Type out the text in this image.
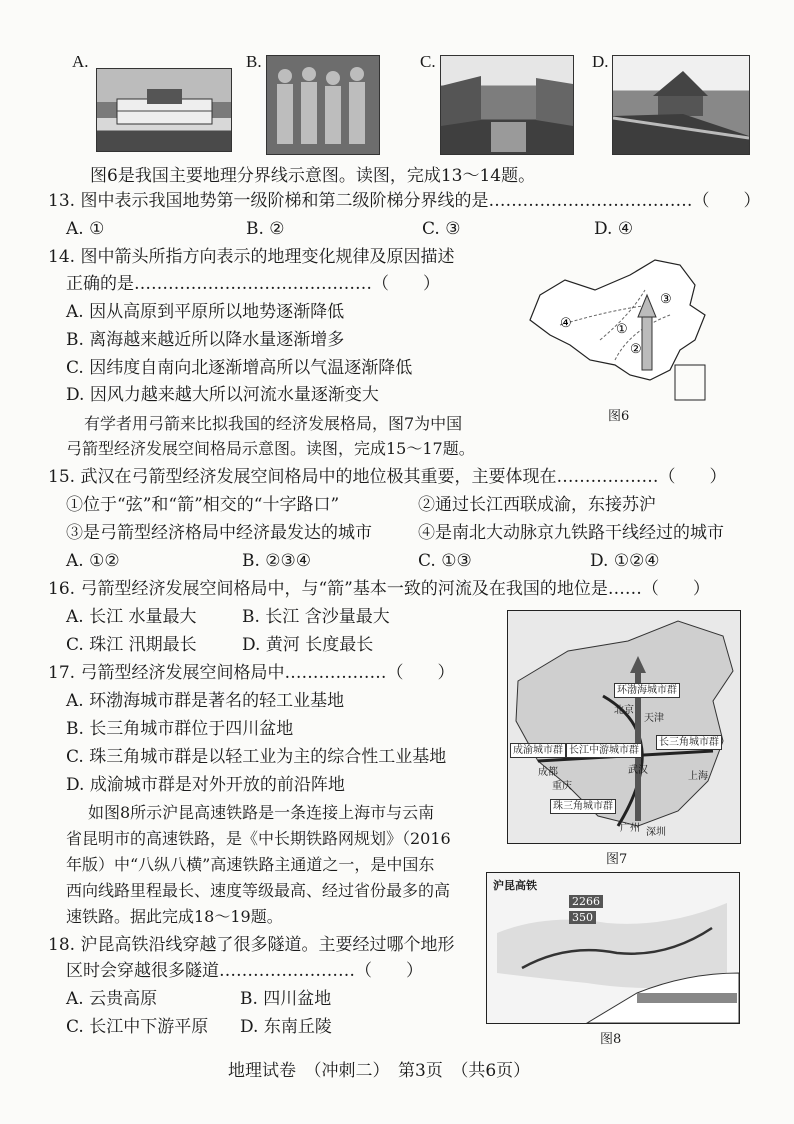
A.	B.	C.	D.
图6是我国主要地理分界线示意图。读图，完成13～14题。
13. 图中表示我国地势第一级阶梯和第二级阶梯分界线的是………………………………（　　）
A. ①	B. ②	C. ③	D. ④
14. 图中箭头所指方向表示的地理变化规律及原因描述
正确的是……………………………………（　　）
A. 因从高原到平原所以地势逐渐降低
B. 离海越来越近所以降水量逐渐增多
C. 因纬度自南向北逐渐增高所以气温逐渐降低
D. 因风力越来越大所以河流水量逐渐变大
④	①
②
③
图6
有学者用弓箭来比拟我国的经济发展格局，图7为中国
弓箭型经济发展空间格局示意图。读图，完成15～17题。
15. 武汉在弓箭型经济发展空间格局中的地位极其重要，主要体现在………………（　　）
①位于“弦”和“箭”相交的“十字路口”	②通过长江西联成渝，东接苏沪
③是弓箭型经济格局中经济最发达的城市	④是南北大动脉京九铁路干线经过的城市
A. ①②	B. ②③④	C. ①③	D. ①②④
16. 弓箭型经济发展空间格局中，与“箭”基本一致的河流及在我国的地位是……（　　）
A. 长江 水量最大	B. 长江 含沙量最大
C. 珠江 汛期最长	D. 黄河 长度最长
17. 弓箭型经济发展空间格局中………………（　　）
A. 环渤海城市群是著名的轻工业基地
B. 长三角城市群位于四川盆地
C. 珠三角城市群是以轻工业为主的综合性工业基地
D. 成渝城市群是对外开放的前沿阵地
环渤海城市群
长三角城市群
成渝城市群 长江中游城市群
珠三角城市群
北京
天津
成都
重庆
武汉
上海
广州 深圳
图7
如图8所示沪昆高速铁路是一条连接上海市与云南
省昆明市的高速铁路，是《中长期铁路网规划》（2016
年版）中“八纵八横”高速铁路主通道之一，是中国东
西向线路里程最长、速度等级最高、经过省份最多的高
速铁路。据此完成18～19题。
18. 沪昆高铁沿线穿越了很多隧道。主要经过哪个地形
区时会穿越很多隧道……………………（　　）
A. 云贵高原	B. 四川盆地
C. 长江中下游平原 D. 东南丘陵
沪昆高铁
2266
350
图8
地理试卷　（冲刺二）　第3页　（共6页）
